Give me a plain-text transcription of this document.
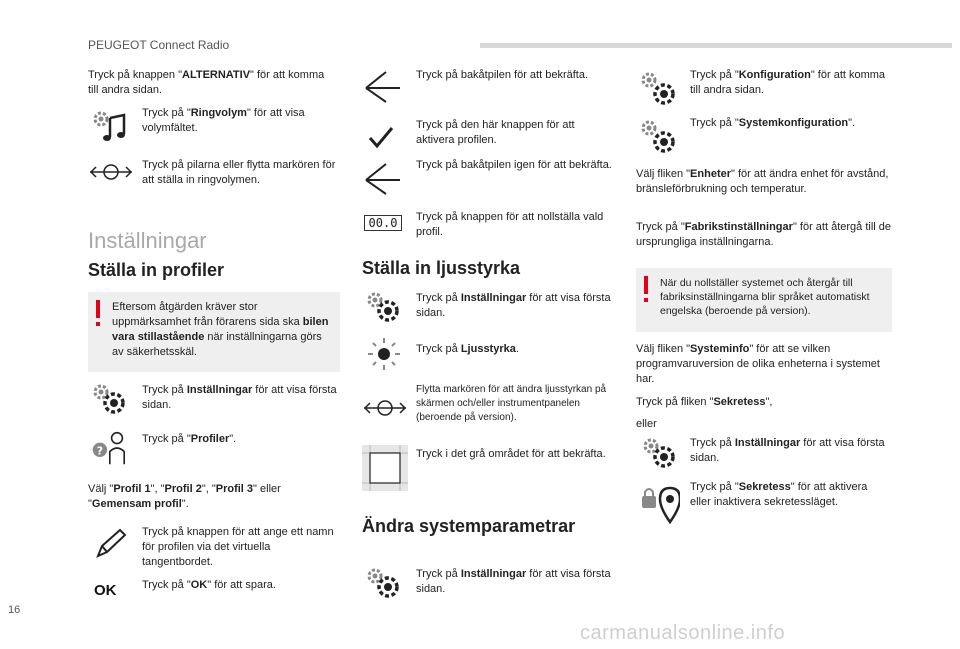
PEUGEOT Connect Radio
Tryck på knappen "ALTERNATIV" för att komma till andra sidan.
Tryck på "Ringvolym" för att visa volymfältet.
Tryck på pilarna eller flytta markören för att ställa in ringvolymen.
Inställningar
Ställa in profiler
Eftersom åtgärden kräver stor uppmärksamhet från förarens sida ska bilen vara stillastående när inställningarna görs av säkerhetsskäl.
Tryck på Inställningar för att visa första sidan.
?
Tryck på "Profiler".
Välj "Profil 1", "Profil 2", "Profil 3" eller "Gemensam profil".
Tryck på knappen för att ange ett namn för profilen via det virtuella tangentbordet.
OK Tryck på "OK" för att spara.
Tryck på bakåtpilen för att bekräfta.
Tryck på den här knappen för att aktivera profilen.
Tryck på bakåtpilen igen för att bekräfta.
00.0	Tryck på knappen för att nollställa vald profil.
Ställa in ljusstyrka
Tryck på Inställningar för att visa första sidan.
Tryck på Ljusstyrka.
Flytta markören för att ändra ljusstyrkan på skärmen och/eller instrumentpanelen (beroende på version).
Tryck i det grå området för att bekräfta.
Ändra systemparametrar
Tryck på Inställningar för att visa första sidan.
Tryck på "Konfiguration" för att komma till andra sidan.
Tryck på "Systemkonfiguration".
Välj fliken "Enheter" för att ändra enhet för avstånd, bränsleförbrukning och temperatur.
Tryck på "Fabrikstinställningar" för att återgå till de ursprungliga inställningarna.
När du nollställer systemet och återgår till fabriksinställningarna blir språket automatiskt engelska (beroende på version).
Välj fliken "Systeminfo" för att se vilken programvaruversion de olika enheterna i systemet har.
Tryck på fliken "Sekretess",
eller
Tryck på Inställningar för att visa första sidan.
Tryck på "Sekretess" för att aktivera eller inaktivera sekretessläget.
16
carmanualsonline.info
